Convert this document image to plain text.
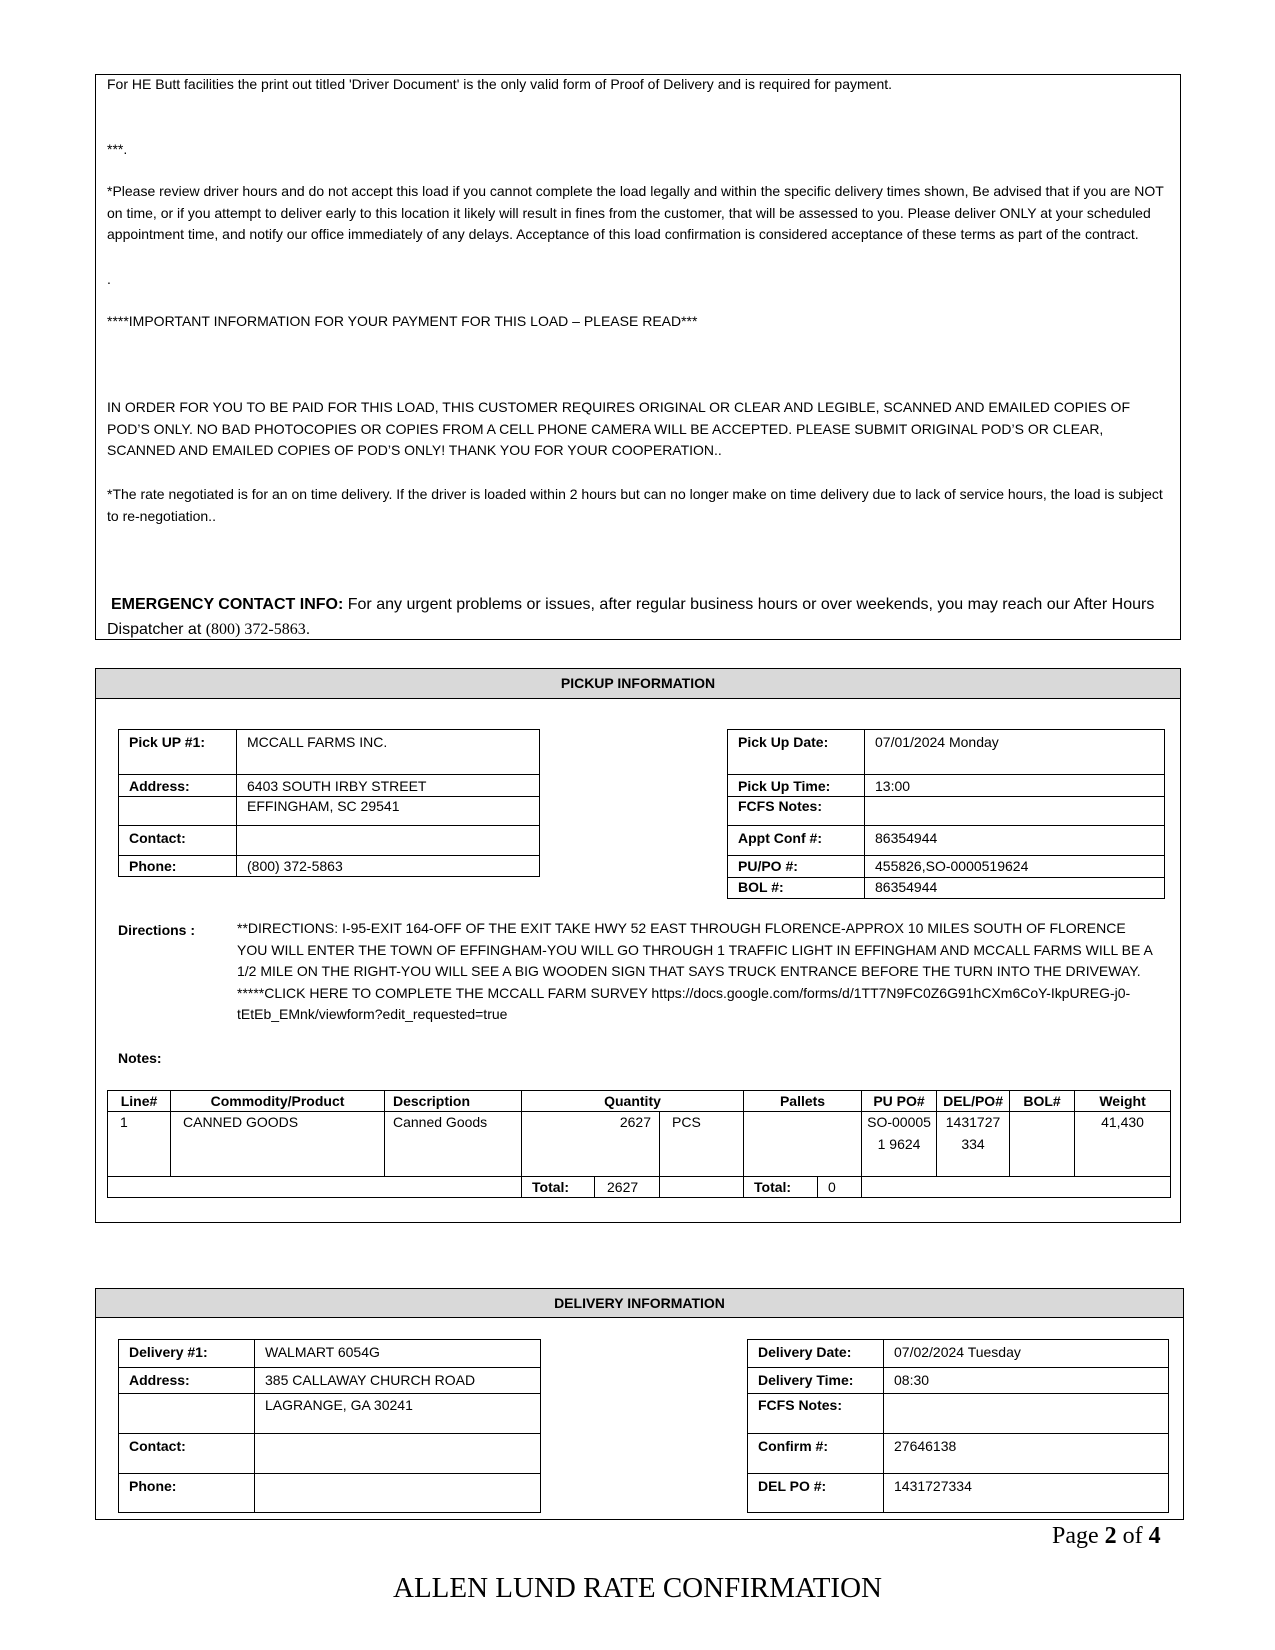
For HE Butt facilities the print out titled 'Driver Document' is the only valid form of Proof of Delivery and is required for payment.
***.
*Please review driver hours and do not accept this load if you cannot complete the load legally and within the specific delivery times shown, Be advised that if you are NOT on time, or if you attempt to deliver early to this location it likely will result in fines from the customer, that will be assessed to you. Please deliver ONLY at your scheduled appointment time, and notify our office immediately of any delays. Acceptance of this load confirmation is considered acceptance of these terms as part of the contract.
.
****IMPORTANT INFORMATION FOR YOUR PAYMENT FOR THIS LOAD – PLEASE READ***
IN ORDER FOR YOU TO BE PAID FOR THIS LOAD, THIS CUSTOMER REQUIRES ORIGINAL OR CLEAR AND LEGIBLE, SCANNED AND EMAILED COPIES OF POD’S ONLY. NO BAD PHOTOCOPIES OR COPIES FROM A CELL PHONE CAMERA WILL BE ACCEPTED. PLEASE SUBMIT ORIGINAL POD’S OR CLEAR, SCANNED AND EMAILED COPIES OF POD’S ONLY! THANK YOU FOR YOUR COOPERATION..
*The rate negotiated is for an on time delivery. If the driver is loaded within 2 hours but can no longer make on time delivery due to lack of service hours, the load is subject to re-negotiation..
EMERGENCY CONTACT INFO: For any urgent problems or issues, after regular business hours or over weekends, you may reach our After Hours Dispatcher at (800) 372-5863.
PICKUP INFORMATION
Pick UP #1:	MCCALL FARMS INC.
Address:	6403 SOUTH IRBY STREET
	EFFINGHAM, SC 29541
Contact:	
Phone:	(800) 372-5863
Pick Up Date:	07/01/2024 Monday
Pick Up Time:	13:00
FCFS Notes:	
Appt Conf #:	86354944
PU/PO #:	455826,SO-0000519624
BOL #:	86354944
Directions :	**DIRECTIONS: I-95-EXIT 164-OFF OF THE EXIT TAKE HWY 52 EAST THROUGH FLORENCE-APPROX 10 MILES SOUTH OF FLORENCE YOU WILL ENTER THE TOWN OF EFFINGHAM-YOU WILL GO THROUGH 1 TRAFFIC LIGHT IN EFFINGHAM AND MCCALL FARMS WILL BE A 1/2 MILE ON THE RIGHT-YOU WILL SEE A BIG WOODEN SIGN THAT SAYS TRUCK ENTRANCE BEFORE THE TURN INTO THE DRIVEWAY. *****CLICK HERE TO COMPLETE THE MCCALL FARM SURVEY https://docs.google.com/forms/d/1TT7N9FC0Z6G91hCXm6CoY-IkpUREG-j0-tEtEb_EMnk/viewform?edit_requested=true
Notes:
Line#	Commodity/Product	Description	Quantity			Pallets		PU PO#	DEL/PO#	BOL#	Weight
1	CANNED GOODS	Canned Goods	2627		PCS			SO-000051 9624	1431727 334		41,430
			Total:	2627		Total:	0				
DELIVERY INFORMATION
Delivery #1:	WALMART 6054G
Address:	385 CALLAWAY CHURCH ROAD
	LAGRANGE, GA 30241
Contact:	
Phone:	
Delivery Date:	07/02/2024 Tuesday
Delivery Time:	08:30
FCFS Notes:	
Confirm #:	27646138
DEL PO #:	1431727334
Page 2 of 4
ALLEN LUND RATE CONFIRMATION
